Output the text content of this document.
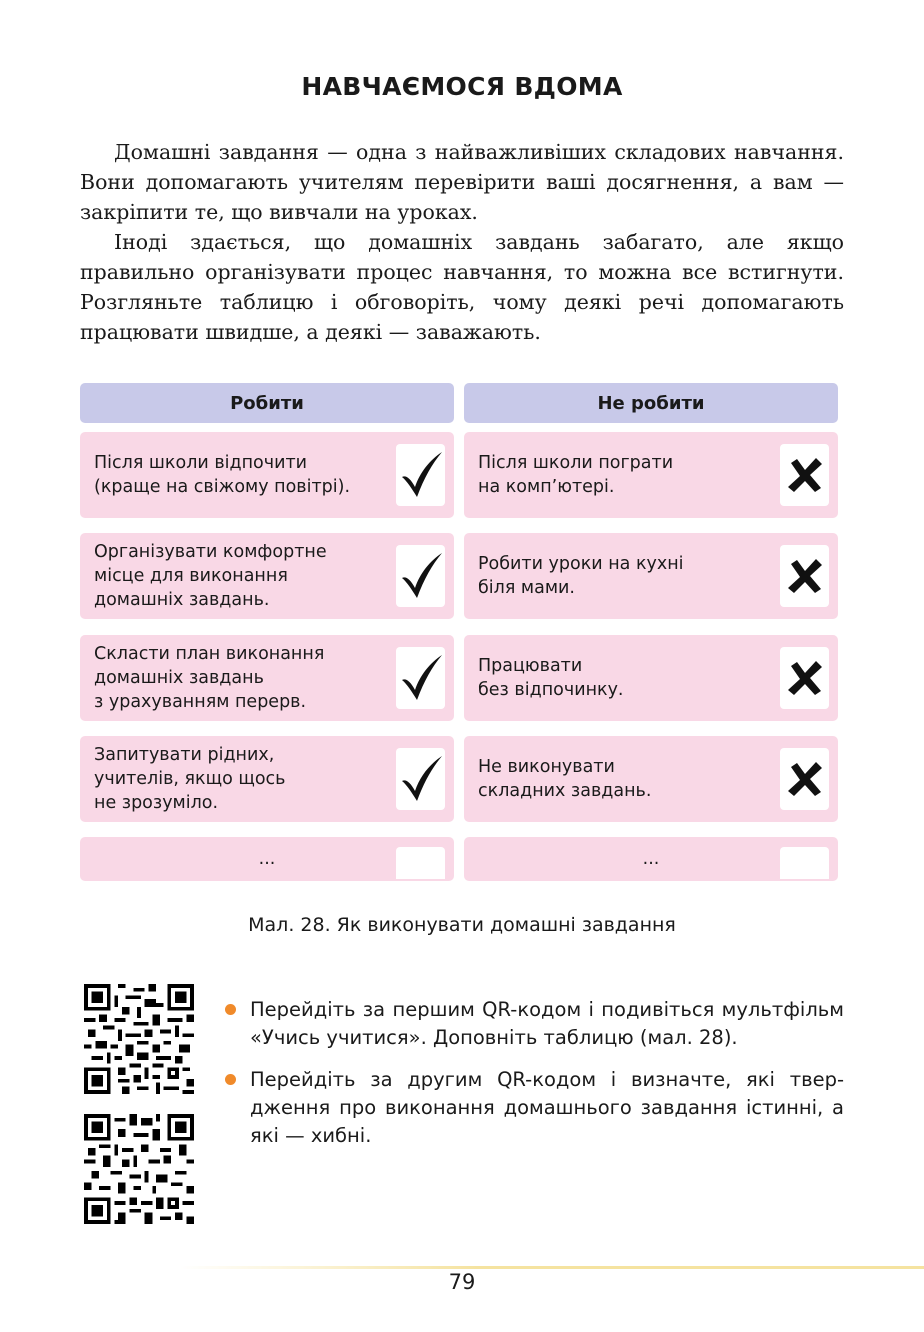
НАВЧАЄМОСЯ ВДОМА

Домашні завдання — одна з найважливіших складових навчання. Вони допомагають учителям перевірити ваші досягнення, а вам — закріпити те, що вивчали на уроках.

Іноді здається, що домашніх завдань забагато, але якщо правильно організувати процес навчання, то можна все встигнути. Розгляньте таблицю і обговоріть, чому деякі речі допомагають працювати швидше, а деякі — заважають.

Робити	Не робити
Після школи відпочити
(краще на свіжому повітрі).
Організувати комфортне
місце для виконання
домашніх завдань.
Скласти план виконання
домашніх завдань
з урахуванням перерв.
Запитувати рідних,
учителів, якщо щось
не зрозуміло.
...
Після школи пограти
на комп’ютері.
Робити уроки на кухні
біля мами.
Працювати
без відпочинку.
Не виконувати
складних завдань.
...
Мал. 28. Як виконувати домашні завдання
Перейдіть за першим QR-кодом і подивіться мультфільм «Учись учитися». Доповніть таблицю (мал. 28).
Перейдіть за другим QR-кодом і визначте, які твердження про виконання домашнього завдання істинні, а які — хибні.
79
